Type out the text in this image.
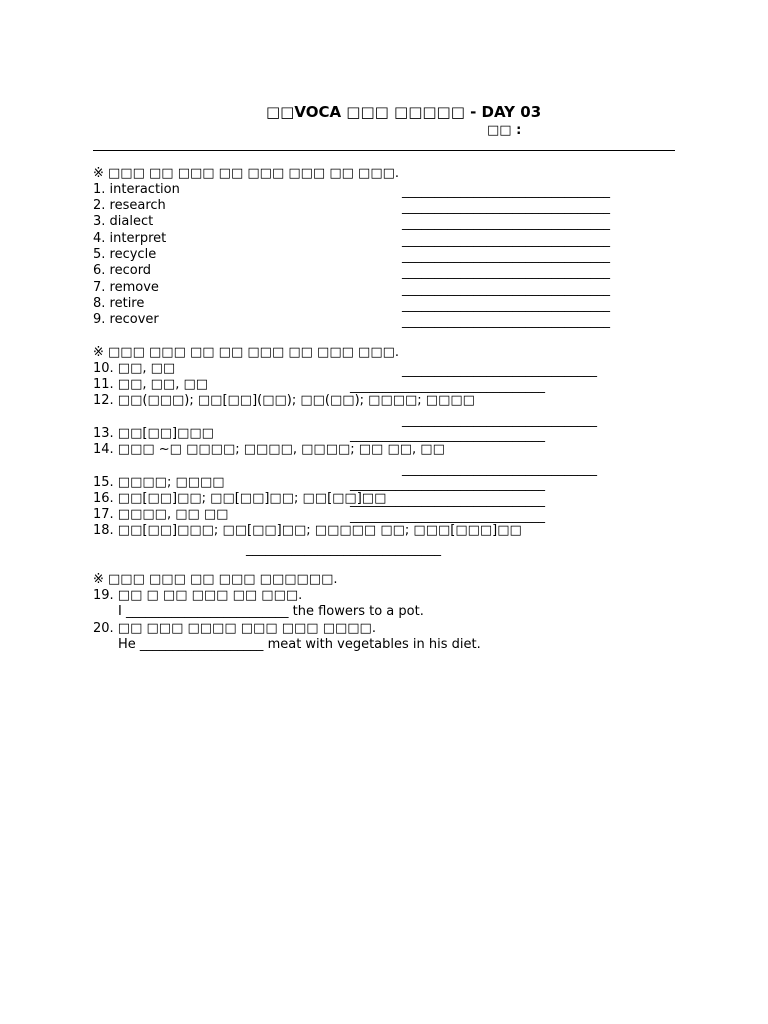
□□VOCA □□□ □□□□□ - DAY 03
□□ :
※ □□□ □□ □□□ □□ □□□ □□□ □□ □□□.
1. interaction	________________________________
2. research	________________________________
3. dialect	________________________________
4. interpret	________________________________
5. recycle	________________________________
6. record	________________________________
7. remove	________________________________
8. retire	________________________________
9. recover	________________________________
※ □□□ □□□ □□ □□ □□□ □□ □□□ □□□.
10. □□, □□	______________________________
11. □□, □□, □□	______________________________
12. □□(□□□); □□[□□](□□); □□(□□); □□□□; □□□□
______________________________
13. □□[□□]□□□	______________________________
14. □□□ ~□ □□□□; □□□□, □□□□; □□ □□, □□
______________________________
15. □□□□; □□□□	______________________________
16. □□[□□]□□; □□[□□]□□; □□[□□]□□
______________________________
17. □□□□, □□ □□	______________________________
18. □□[□□]□□□; □□[□□]□□; □□□□□ □□; □□□[□□□]□□
______________________________
※ □□□ □□□ □□ □□□ □□□□□□.
19. □□ □ □□ □□□ □□ □□□.
I _________________________ the flowers to a pot.
20. □□ □□□ □□□□ □□□ □□□ □□□□.
He ___________________ meat with vegetables in his diet.
